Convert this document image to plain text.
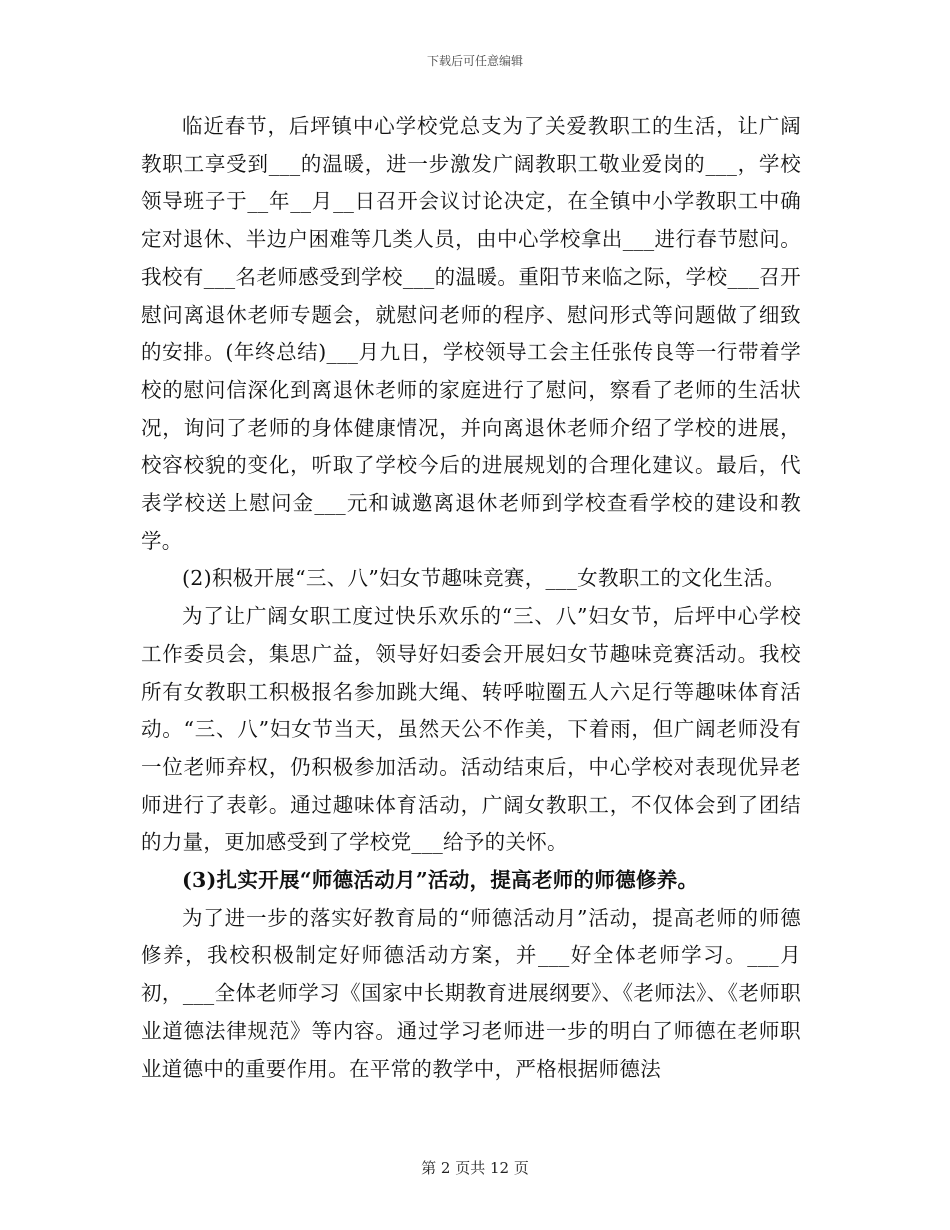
下载后可任意编辑

临近春节，后坪镇中心学校党总支为了关爱教职工的生活，让广阔教职工享受到___的温暖，进一步激发广阔教职工敬业爱岗的___，学校领导班子于__年__月__日召开会议讨论决定，在全镇中小学教职工中确定对退休、半边户困难等几类人员，由中心学校拿出___进行春节慰问。我校有___名老师感受到学校___的温暖。重阳节来临之际，学校___召开慰问离退休老师专题会，就慰问老师的程序、慰问形式等问题做了细致的安排。(年终总结)___月九日，学校领导工会主任张传良等一行带着学校的慰问信深化到离退休老师的家庭进行了慰问，察看了老师的生活状况，询问了老师的身体健康情况，并向离退休老师介绍了学校的进展，校容校貌的变化，听取了学校今后的进展规划的合理化建议。最后，代表学校送上慰问金___元和诚邀离退休老师到学校查看学校的建设和教学。

(2)积极开展“三、八”妇女节趣味竞赛，___女教职工的文化生活。

为了让广阔女职工度过快乐欢乐的“三、八”妇女节，后坪中心学校工作委员会，集思广益，领导好妇委会开展妇女节趣味竞赛活动。我校所有女教职工积极报名参加跳大绳、转呼啦圈五人六足行等趣味体育活动。“三、八”妇女节当天，虽然天公不作美，下着雨，但广阔老师没有一位老师弃权，仍积极参加活动。活动结束后，中心学校对表现优异老师进行了表彰。通过趣味体育活动，广阔女教职工，不仅体会到了团结的力量，更加感受到了学校党___给予的关怀。

(3)扎实开展“师德活动月”活动，提高老师的师德修养。

为了进一步的落实好教育局的“师德活动月”活动，提高老师的师德修养，我校积极制定好师德活动方案，并___好全体老师学习。___月初，___全体老师学习《国家中长期教育进展纲要》、《老师法》、《老师职业道德法律规范》等内容。通过学习老师进一步的明白了师德在老师职业道德中的重要作用。在平常的教学中，严格根据师德法

第 2 页共 12 页
